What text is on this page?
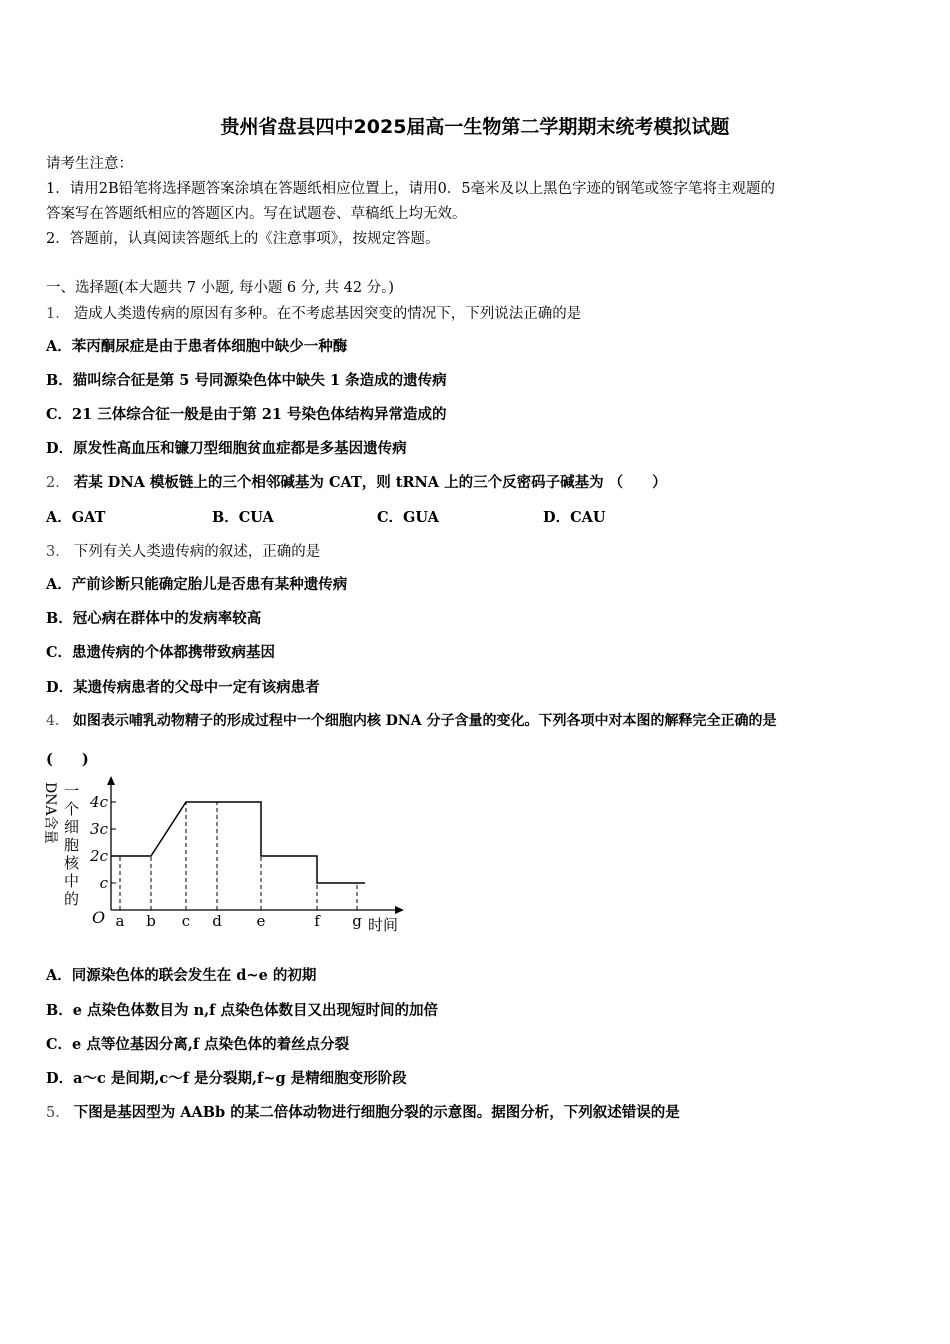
贵州省盘县四中2025届高一生物第二学期期末统考模拟试题
请考生注意：
1．请用2B铅笔将选择题答案涂填在答题纸相应位置上，请用0．5毫米及以上黑色字迹的钢笔或签字笔将主观题的
答案写在答题纸相应的答题区内。写在试题卷、草稿纸上均无效。
2．答题前，认真阅读答题纸上的《注意事项》，按规定答题。
一、选择题(本大题共 7 小题, 每小题 6 分, 共 42 分。)
1． 造成人类遗传病的原因有多种。在不考虑基因突变的情况下，下列说法正确的是
A．苯丙酮尿症是由于患者体细胞中缺少一种酶
B．猫叫综合征是第 5 号同源染色体中缺失 1 条造成的遗传病
C．21 三体综合征一般是由于第 21 号染色体结构异常造成的
D．原发性高血压和镰刀型细胞贫血症都是多基因遗传病
2． 若某 DNA 模板链上的三个相邻碱基为 CAT，则 tRNA 上的三个反密码子碱基为 （　　）
A．GAT	B．CUA	C．GUA	D．CAU
3． 下列有关人类遗传病的叙述，正确的是
A．产前诊断只能确定胎儿是否患有某种遗传病
B．冠心病在群体中的发病率较高
C．患遗传病的个体都携带致病基因
D．某遗传病患者的父母中一定有该病患者
4． 如图表示哺乳动物精子的形成过程中一个细胞内核 DNA 分子含量的变化。下列各项中对本图的解释完全正确的是
(　　)
一
个
细
胞
核
中
的
DNA含量
O	时间
c
2c
3c
4c
a b c d e	f g
A．同源染色体的联会发生在 d~e 的初期
B．e 点染色体数目为 n,f 点染色体数目又出现短时间的加倍
C．e 点等位基因分离,f 点染色体的着丝点分裂
D．a～c 是间期,c～f 是分裂期,f~g 是精细胞变形阶段
5． 下图是基因型为 AABb 的某二倍体动物进行细胞分裂的示意图。据图分析，下列叙述错误的是
